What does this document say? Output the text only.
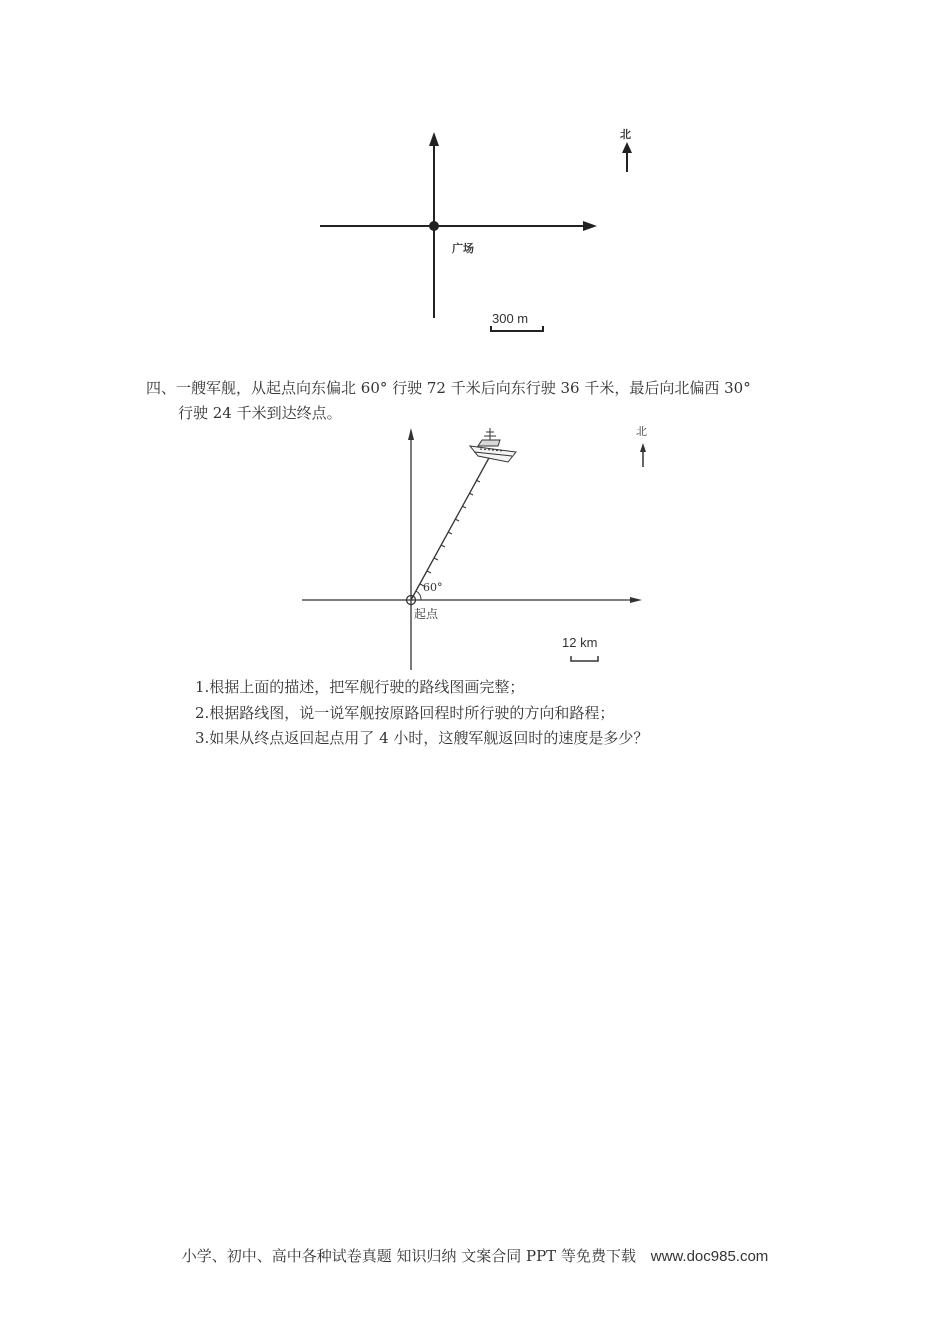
北
广场
300 m
四、一艘军舰，从起点向东偏北 60° 行驶 72 千米后向东行驶 36 千米，最后向北偏西 30°
行驶 24 千米到达终点。
北
60°
起点
12 km
1.根据上面的描述，把军舰行驶的路线图画完整；
2.根据路线图，说一说军舰按原路回程时所行驶的方向和路程；
3.如果从终点返回起点用了 4 小时，这艘军舰返回时的速度是多少？
小学、初中、高中各种试卷真题 知识归纳 文案合同 PPT 等免费下载 www.doc985.com
